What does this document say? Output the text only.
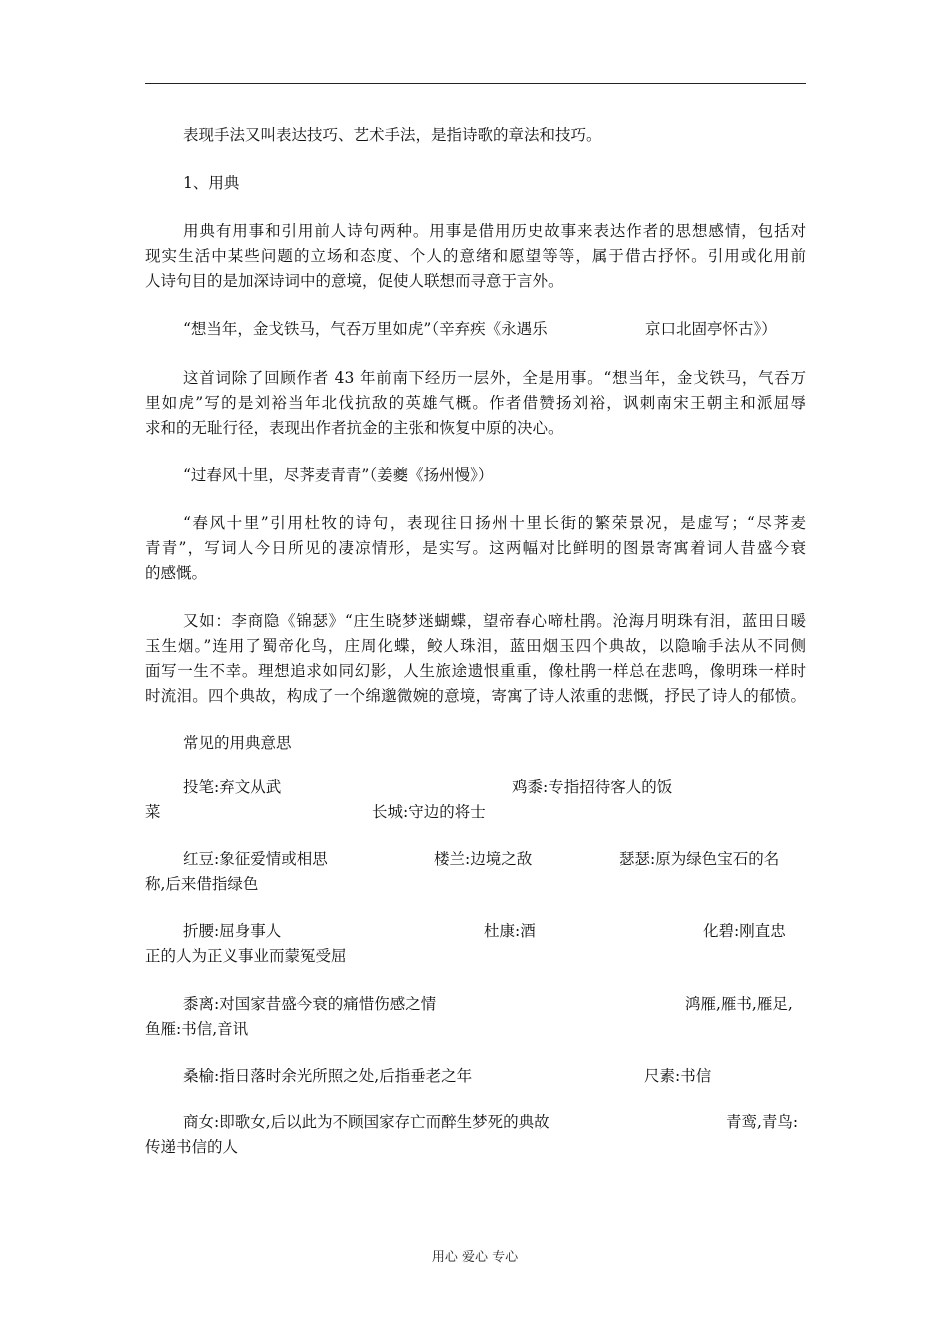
表现手法又叫表达技巧、艺术手法，是指诗歌的章法和技巧。
1、用典
用典有用事和引用前人诗句两种。用事是借用历史故事来表达作者的思想感情，包括对
现实生活中某些问题的立场和态度、个人的意绪和愿望等等，属于借古抒怀。引用或化用前
人诗句目的是加深诗词中的意境，促使人联想而寻意于言外。
“想当年，金戈铁马，气吞万里如虎”（辛弃疾《永遇乐	京口北固亭怀古》）
这首词除了回顾作者 43 年前南下经历一层外，全是用事。“想当年，金戈铁马，气吞万
里如虎”写的是刘裕当年北伐抗敌的英雄气概。作者借赞扬刘裕，讽刺南宋王朝主和派屈辱
求和的无耻行径，表现出作者抗金的主张和恢复中原的决心。
“过春风十里，尽荠麦青青”（姜夔《扬州慢》）
“春风十里”引用杜牧的诗句，表现往日扬州十里长街的繁荣景况，是虚写；“尽荠麦
青青”，写词人今日所见的凄凉情形，是实写。这两幅对比鲜明的图景寄寓着词人昔盛今衰
的感慨。
又如：李商隐《锦瑟》“庄生晓梦迷蝴蝶，望帝春心啼杜鹃。沧海月明珠有泪，蓝田日暖
玉生烟。”连用了蜀帝化鸟，庄周化蝶，鲛人珠泪，蓝田烟玉四个典故，以隐喻手法从不同侧
面写一生不幸。理想追求如同幻影，人生旅途遗恨重重，像杜鹃一样总在悲鸣，像明珠一样时
时流泪。四个典故，构成了一个绵邈微婉的意境，寄寓了诗人浓重的悲慨，抒民了诗人的郁愤。
常见的用典意思
投笔:弃文从武	鸡黍:专指招待客人的饭
菜	长城:守边的将士
红豆:象征爱情或相思	楼兰:边境之敌	瑟瑟:原为绿色宝石的名
称,后来借指绿色
折腰:屈身事人	杜康:酒	化碧:刚直忠
正的人为正义事业而蒙冤受屈
黍离:对国家昔盛今衰的痛惜伤感之情	鸿雁,雁书,雁足,
鱼雁:书信,音讯
桑榆:指日落时余光所照之处,后指垂老之年	尺素:书信
商女:即歌女,后以此为不顾国家存亡而醉生梦死的典故	青鸾,青鸟:
传递书信的人
用心 爱心 专心
